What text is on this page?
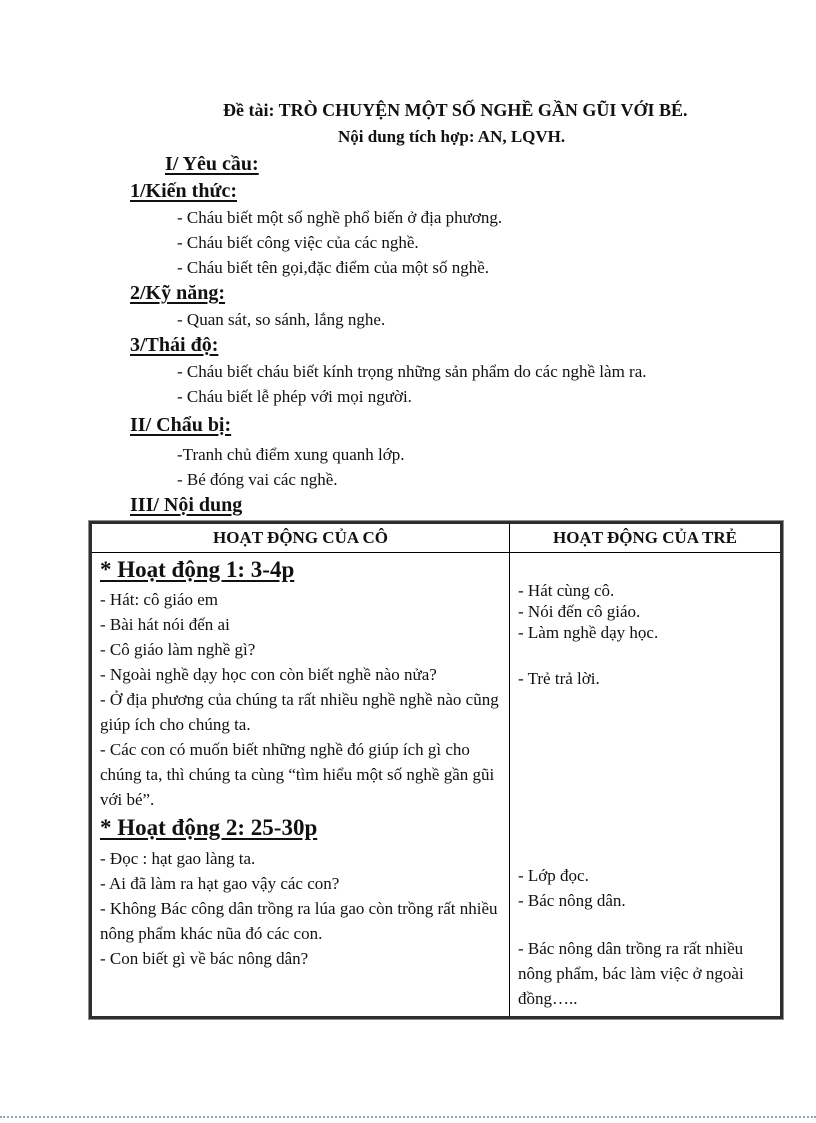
Đề tài: TRÒ CHUYỆN MỘT SỐ NGHỀ GẦN GŨI VỚI BÉ.

Nội dung tích hợp: AN, LQVH.

I/ Yêu cầu:

1/Kiến thức:

- Cháu biết một số nghề phổ biến ở địa phương.

- Cháu biết công việc của các nghề.

- Cháu biết tên gọi,đặc điểm của một số nghề.

2/Kỹ năng:

- Quan sát, so sánh, lắng nghe.

3/Thái độ:

- Cháu biết cháu biết kính trọng những sản phẩm do các nghề làm ra.

- Cháu biết lễ phép với mọi người.

II/ Chẩu bị:

-Tranh chủ điểm xung quanh lớp.

- Bé đóng vai các nghề.

III/ Nội dung

HOẠT ĐỘNG CỦA CÔ	HOẠT ĐỘNG CỦA TRẺ

* Hoạt động 1: 3-4p

- Hát: cô giáo em

- Bài hát nói đến ai

- Cô giáo làm nghề gì?

- Ngoài nghề dạy học con còn biết nghề nào nửa?

- Ở địa phương của chúng ta rất nhiều nghề nghề nào cũng giúp ích cho chúng ta.

- Các con có muốn biết những nghề đó giúp ích gì cho chúng ta, thì chúng ta cùng “tìm hiểu một số nghề gần gũi với bé”.

* Hoạt động 2: 25-30p

- Đọc : hạt gao làng ta.

- Ai đã làm ra hạt gao vậy các con?

- Không Bác công dân trồng ra lúa gao còn trồng rất nhiều nông phẩm khác nũa đó các con.

- Con biết gì về bác nông dân?

- Hát cùng cô.

- Nói đến cô giáo.

- Làm nghề dạy học.

- Trẻ trả lời.

- Lớp đọc.

- Bác nông dân.

- Bác nông dân trồng ra rất nhiều nông phẩm, bác làm việc ở ngoài đồng…..
